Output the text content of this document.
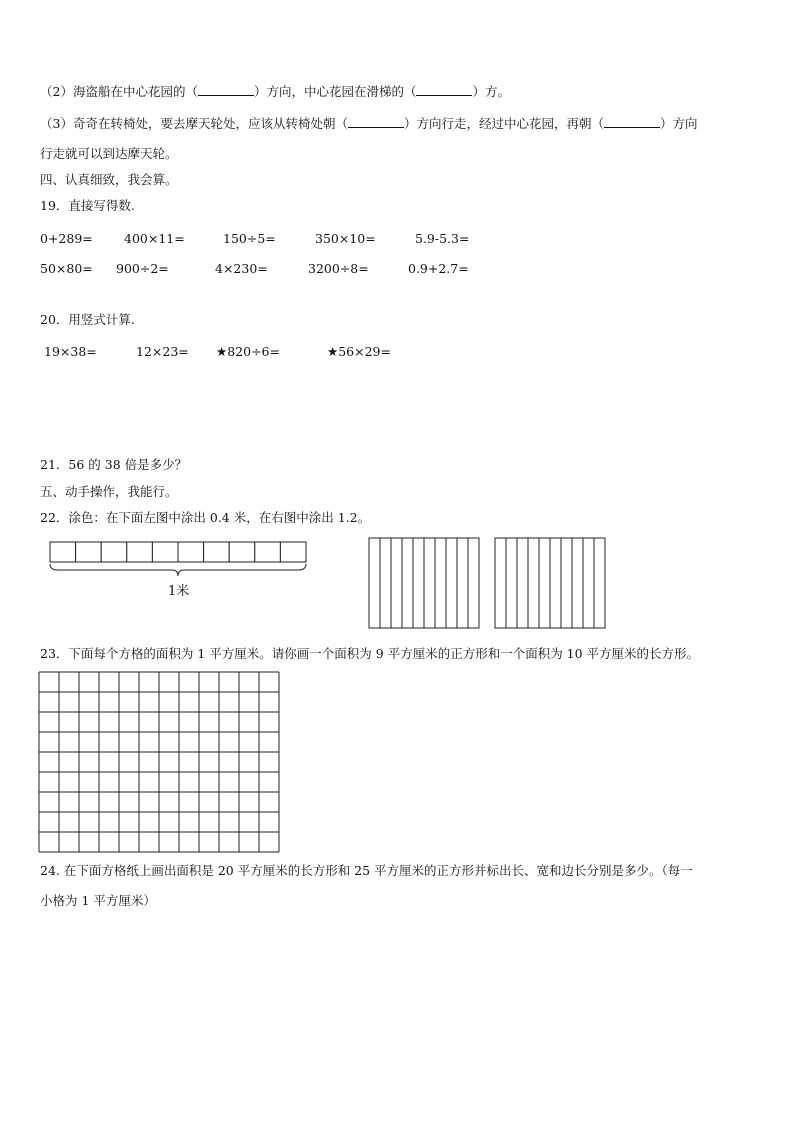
（2）海盗船在中心花园的（	）方向，中心花园在滑梯的（	）方。
（3）奇奇在转椅处，要去摩天轮处，应该从转椅处朝（	）方向行走，经过中心花园，再朝（	）方向
行走就可以到达摩天轮。
四、认真细致，我会算。
19．直接写得数.
0+289= 400×11=	150÷5=	350×10=	5.9-5.3=
50×80= 900÷2=	4×230=	3200÷8=	0.9+2.7=
20．用竖式计算.
19×38=	12×23= ★820÷6=	★56×29=
21．56 的 38 倍是多少？
五、动手操作，我能行。
22．涂色：在下面左图中涂出 0.4 米，在右图中涂出 1.2。
1米
23．下面每个方格的面积为 1 平方厘米。请你画一个面积为 9 平方厘米的正方形和一个面积为 10 平方厘米的长方形。
24. 在下面方格纸上画出面积是 20 平方厘米的长方形和 25 平方厘米的正方形并标出长、宽和边长分别是多少。（每一
小格为 1 平方厘米）
